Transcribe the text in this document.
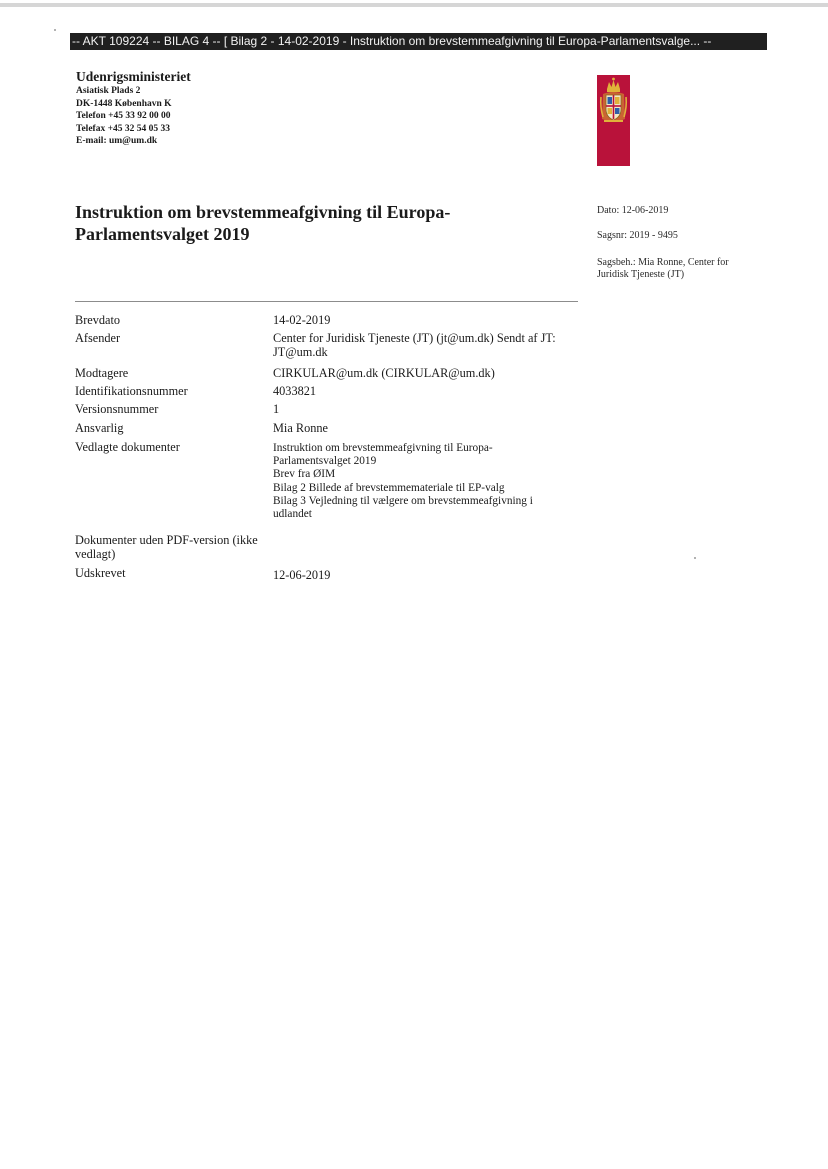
-- AKT 109224 -- BILAG 4 -- [ Bilag 2 - 14-02-2019 - Instruktion om brevstemmeafgivning til Europa-Parlamentsvalge... --
Udenrigsministeriet
Asiatisk Plads 2
DK-1448 København K
Telefon +45 33 92 00 00
Telefax +45 32 54 05 33
E-mail: um@um.dk
Instruktion om brevstemmeafgivning til Europa-Parlamentsvalget 2019
Dato: 12-06-2019
Sagsnr: 2019 - 9495
Sagsbeh.: Mia Ronne, Center for
Juridisk Tjeneste (JT)
Brevdato	14-02-2019
Afsender	Center for Juridisk Tjeneste (JT) (jt@um.dk) Sendt af JT:
JT@um.dk
Modtagere	CIRKULAR@um.dk (CIRKULAR@um.dk)
Identifikationsnummer	4033821
Versionsnummer	1
Ansvarlig	Mia Ronne
Vedlagte dokumenter	Instruktion om brevstemmeafgivning til Europa-
Parlamentsvalget 2019
Brev fra ØIM
Bilag 2 Billede af brevstemmemateriale til EP-valg
Bilag 3 Vejledning til vælgere om brevstemmeafgivning i
udlandet
Dokumenter uden PDF-version (ikke
vedlagt)
Udskrevet	12-06-2019
